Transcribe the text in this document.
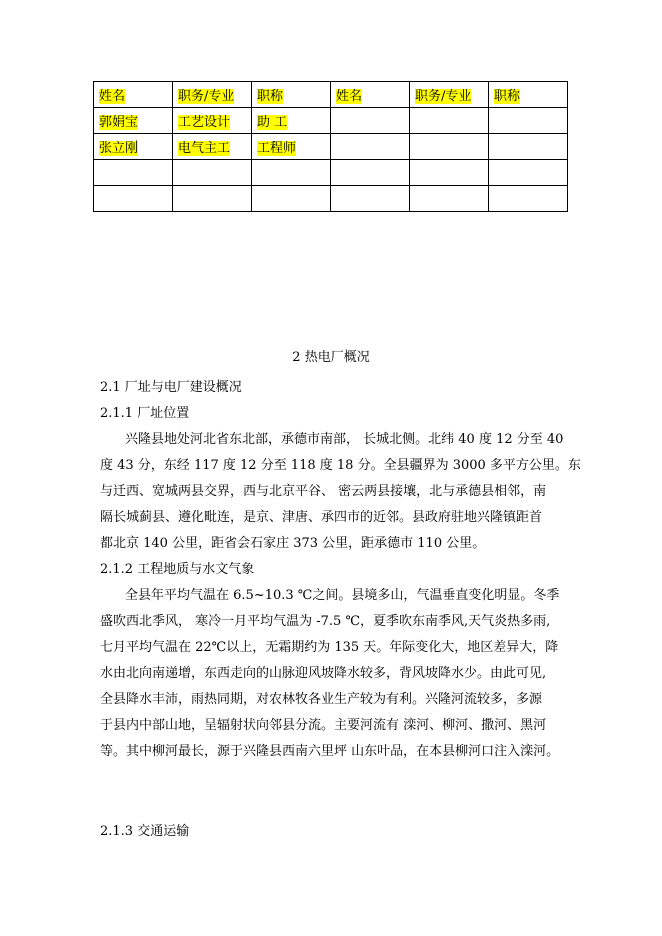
姓名	职务/专业	职称	姓名	职务/专业	职称
郭娟宝	工艺设计	助 工			
张立刚	电气主工	工程师			

2 热电厂概况
2.1 厂址与电厂建设概况
2.1.1 厂址位置
兴隆县地处河北省东北部，承德市南部， 长城北侧。北纬 40 度 12 分至 40
度 43 分，东经 117 度 12 分至 118 度 18 分。全县疆界为 3000 多平方公里。东
与迁西、宽城两县交界，西与北京平谷、 密云两县接壤，北与承德县相邻，南
隔长城蓟县、遵化毗连，是京、津唐、承四市的近邻。县政府驻地兴隆镇距首
都北京 140 公里，距省会石家庄 373 公里，距承德市 110 公里。
2.1.2 工程地质与水文气象
全县年平均气温在 6.5~10.3 ℃之间。县境多山，气温垂直变化明显。冬季
盛吹西北季风， 寒冷一月平均气温为 -7.5 ℃，夏季吹东南季风,天气炎热多雨,
七月平均气温在 22℃以上，无霜期约为 135 天。年际变化大，地区差异大，降
水由北向南递增，东西走向的山脉迎风坡降水较多，背风坡降水少。由此可见,
全县降水丰沛，雨热同期，对农林牧各业生产较为有利。兴隆河流较多，多源
于县内中部山地，呈辐射状向邻县分流。主要河流有 滦河、柳河、撒河、黑河
等。其中柳河最长，源于兴隆县西南六里坪 山东叶品，在本县柳河口注入滦河。
2.1.3 交通运输
